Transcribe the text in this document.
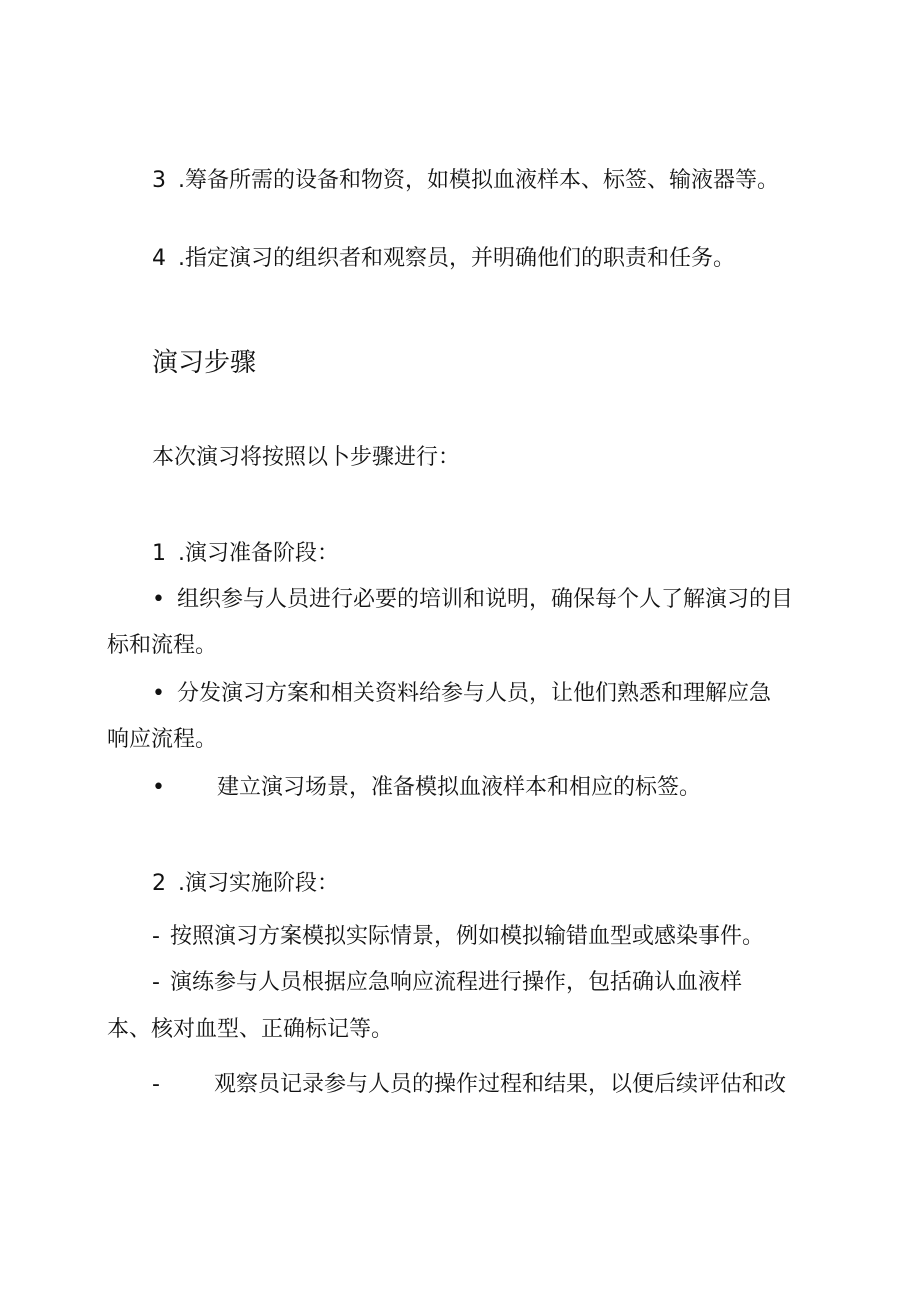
3 .筹备所需的设备和物资，如模拟血液样本、标签、输液器等。
4 .指定演习的组织者和观察员，并明确他们的职责和任务。
演习步骤
本次演习将按照以卜步骤进行：
1 .演习准备阶段：
• 组织参与人员进行必要的培训和说明，确保每个人了解演习的目
标和流程。
• 分发演习方案和相关资料给参与人员，让他们熟悉和理解应急
响应流程。
• 建立演习场景，准备模拟血液样本和相应的标签。
2 .演习实施阶段：
- 按照演习方案模拟实际情景，例如模拟输错血型或感染事件。
- 演练参与人员根据应急响应流程进行操作，包括确认血液样
本、核对血型、正确标记等。
- 观察员记录参与人员的操作过程和结果，以便后续评估和改
